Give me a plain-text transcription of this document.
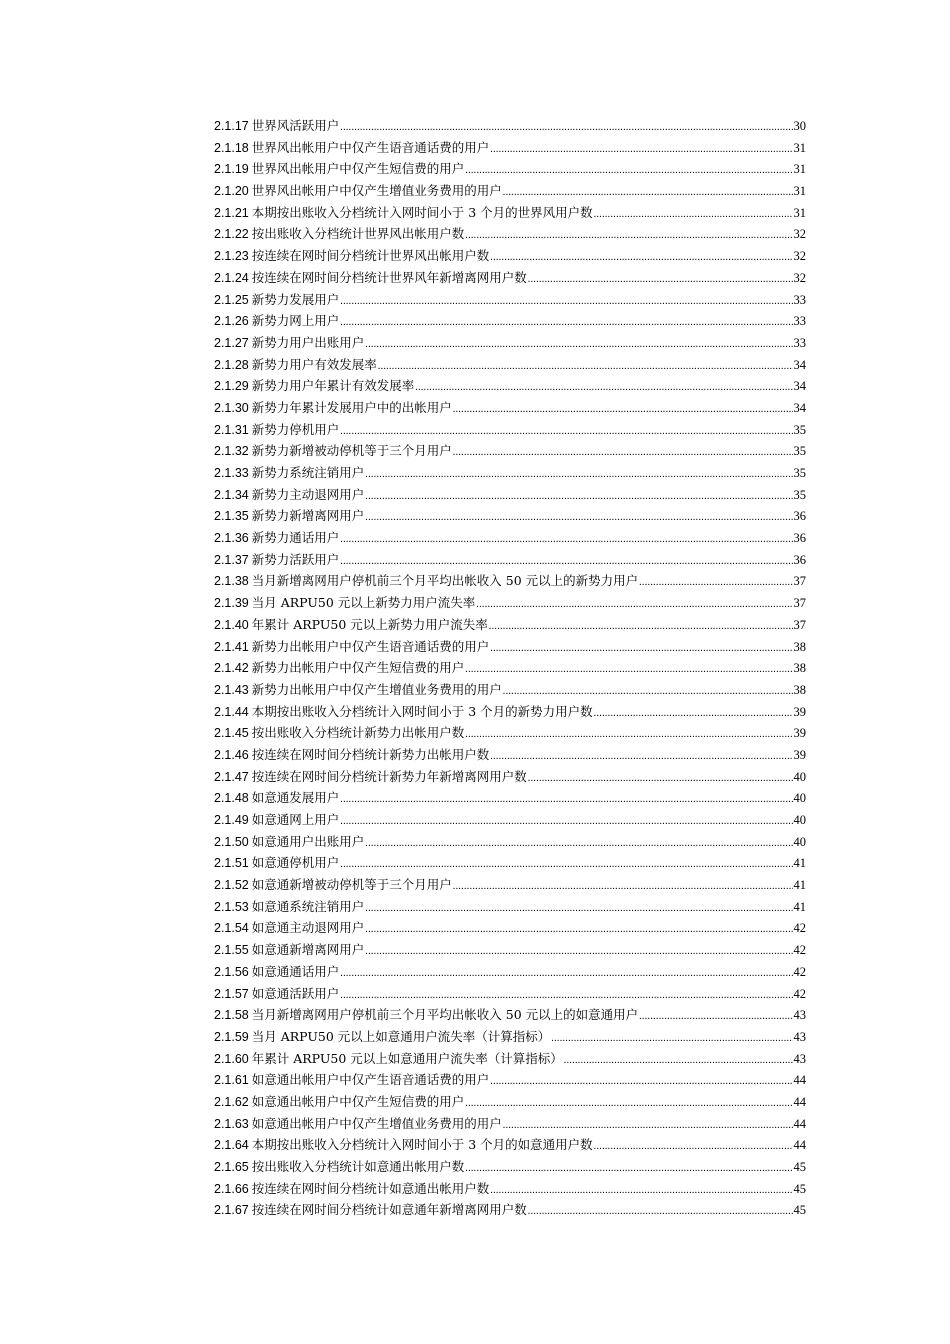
2.1.17 世界风活跃用户 .....	30
2.1.18 世界风出帐用户中仅产生语音通话费的用户 .....	31
2.1.19 世界风出帐用户中仅产生短信费的用户 .....	31
2.1.20 世界风出帐用户中仅产生增值业务费用的用户 .....	31
2.1.21 本期按出账收入分档统计入网时间小于 3 个月的世界风用户数 .....	31
2.1.22 按出账收入分档统计世界风出帐用户数 .....	32
2.1.23 按连续在网时间分档统计世界风出帐用户数 .....	32
2.1.24 按连续在网时间分档统计世界风年新增离网用户数 .....	32
2.1.25 新势力发展用户 .....	33
2.1.26 新势力网上用户 .....	33
2.1.27 新势力用户出账用户 .....	33
2.1.28 新势力用户有效发展率 .....	34
2.1.29 新势力用户年累计有效发展率 .....	34
2.1.30 新势力年累计发展用户中的出帐用户 .....	34
2.1.31 新势力停机用户 .....	35
2.1.32 新势力新增被动停机等于三个月用户 .....	35
2.1.33 新势力系统注销用户 .....	35
2.1.34 新势力主动退网用户 .....	35
2.1.35 新势力新增离网用户 .....	36
2.1.36 新势力通话用户 .....	36
2.1.37 新势力活跃用户 .....	36
2.1.38 当月新增离网用户停机前三个月平均出帐收入 50 元以上的新势力用户 .....	37
2.1.39 当月 ARPU50 元以上新势力用户流失率 .....	37
2.1.40 年累计 ARPU50 元以上新势力用户流失率 .....	37
2.1.41 新势力出帐用户中仅产生语音通话费的用户 .....	38
2.1.42 新势力出帐用户中仅产生短信费的用户 .....	38
2.1.43 新势力出帐用户中仅产生增值业务费用的用户 .....	38
2.1.44 本期按出账收入分档统计入网时间小于 3 个月的新势力用户数 .....	39
2.1.45 按出账收入分档统计新势力出帐用户数 .....	39
2.1.46 按连续在网时间分档统计新势力出帐用户数 .....	39
2.1.47 按连续在网时间分档统计新势力年新增离网用户数 .....	40
2.1.48 如意通发展用户 .....	40
2.1.49 如意通网上用户 .....	40
2.1.50 如意通用户出账用户 .....	40
2.1.51 如意通停机用户 .....	41
2.1.52 如意通新增被动停机等于三个月用户 .....	41
2.1.53 如意通系统注销用户 .....	41
2.1.54 如意通主动退网用户 .....	42
2.1.55 如意通新增离网用户 .....	42
2.1.56 如意通通话用户 .....	42
2.1.57 如意通活跃用户 .....	42
2.1.58 当月新增离网用户停机前三个月平均出帐收入 50 元以上的如意通用户 .....	43
2.1.59 当月 ARPU50 元以上如意通用户流失率（计算指标） .....	43
2.1.60 年累计 ARPU50 元以上如意通用户流失率（计算指标） .....	43
2.1.61 如意通出帐用户中仅产生语音通话费的用户 .....	44
2.1.62 如意通出帐用户中仅产生短信费的用户 .....	44
2.1.63 如意通出帐用户中仅产生增值业务费用的用户 .....	44
2.1.64 本期按出账收入分档统计入网时间小于 3 个月的如意通用户数 .....	44
2.1.65 按出账收入分档统计如意通出帐用户数 .....	45
2.1.66 按连续在网时间分档统计如意通出帐用户数 .....	45
2.1.67 按连续在网时间分档统计如意通年新增离网用户数 .....	45
